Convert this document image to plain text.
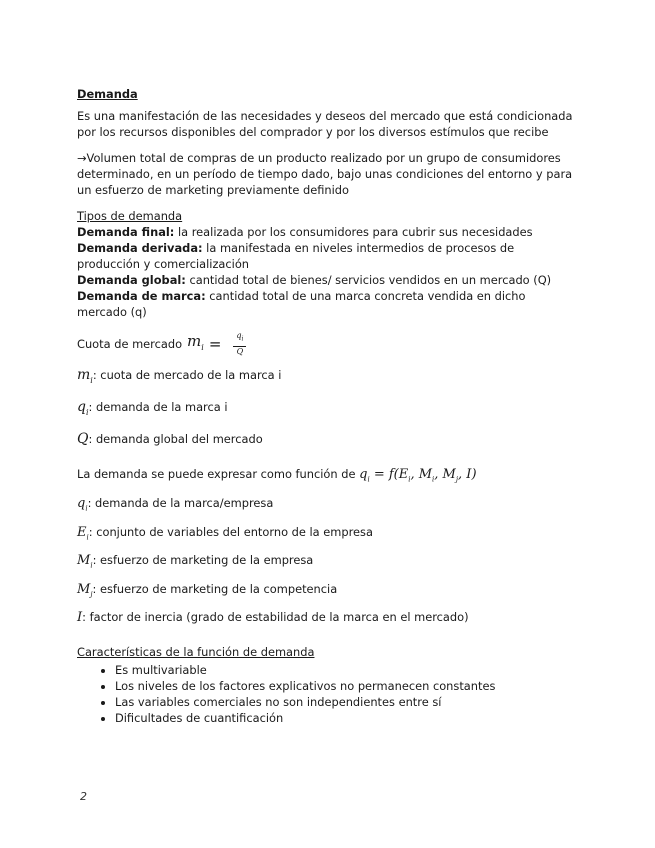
Demanda

Es una manifestación de las necesidades y deseos del mercado que está condicionada por los recursos disponibles del comprador y por los diversos estímulos que recibe

→Volumen total de compras de un producto realizado por un grupo de consumidores determinado, en un período de tiempo dado, bajo unas condiciones del entorno y para un esfuerzo de marketing previamente definido

Tipos de demanda

Demanda final: la realizada por los consumidores para cubrir sus necesidades

Demanda derivada: la manifestada en niveles intermedios de procesos de producción y comercialización

Demanda global: cantidad total de bienes/ servicios vendidos en un mercado (Q)

Demanda de marca: cantidad total de una marca concreta vendida en dicho mercado (q)

Cuota de mercado $m_i = \frac{q_i}{Q}$
$m_i$ : cuota de mercado de la marca i
$q_i$ : demanda de la marca i
Q : demanda global del mercado

La demanda se puede expresar como función de $q_i = f(E_i$, $M_i$, $M_j$, I)

$q_i$: demanda de la marca/empresa
$E_i$: conjunto de variables del entorno de la empresa
$M_i$: esfuerzo de marketing de la empresa
$M_j$: esfuerzo de marketing de la competencia
I: factor de inercia (grado de estabilidad de la marca en el mercado)

Características de la función de demanda

• Es multivariable
• Los niveles de los factores explicativos no permanecen constantes
• Las variables comerciales no son independientes entre sí
• Dificultades de cuantificación
2
